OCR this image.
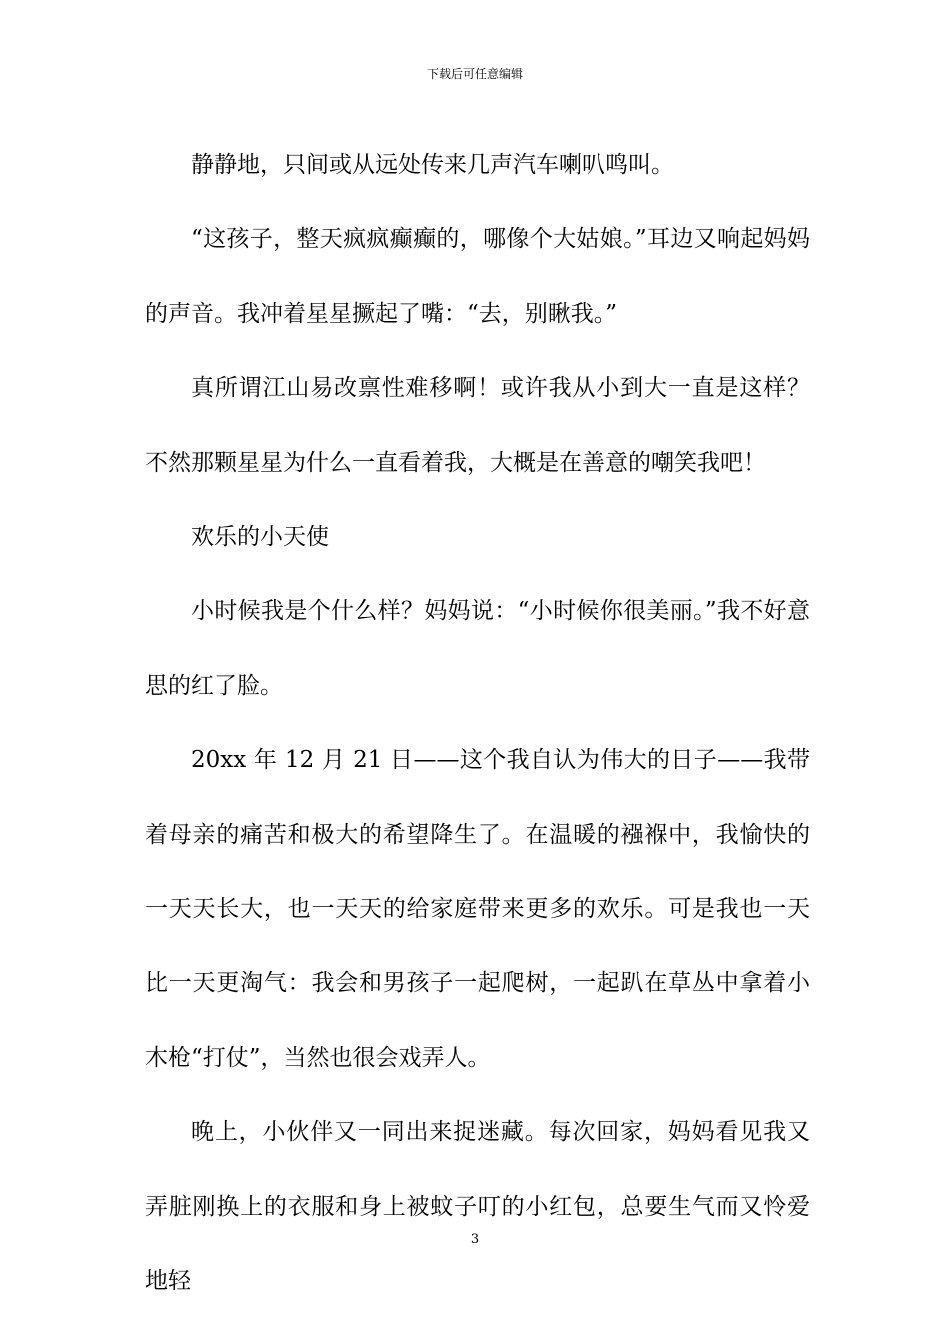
下载后可任意编辑

静静地，只间或从远处传来几声汽车喇叭鸣叫。

“这孩子，整天疯疯癫癫的，哪像个大姑娘。”耳边又响起妈妈的声音。我冲着星星撅起了嘴：“去，别瞅我。”

真所谓江山易改禀性难移啊！或许我从小到大一直是这样？不然那颗星星为什么一直看着我，大概是在善意的嘲笑我吧！

欢乐的小天使

小时候我是个什么样？妈妈说：“小时候你很美丽。”我不好意思的红了脸。

20xx 年 12 月 21 日——这个我自认为伟大的日子——我带着母亲的痛苦和极大的希望降生了。在温暖的襁褓中，我愉快的一天天长大，也一天天的给家庭带来更多的欢乐。可是我也一天比一天更淘气：我会和男孩子一起爬树，一起趴在草丛中拿着小木枪“打仗”，当然也很会戏弄人。

晚上，小伙伴又一同出来捉迷藏。每次回家，妈妈看见我又弄脏刚换上的衣服和身上被蚊子叮的小红包，总要生气而又怜爱地轻

3
